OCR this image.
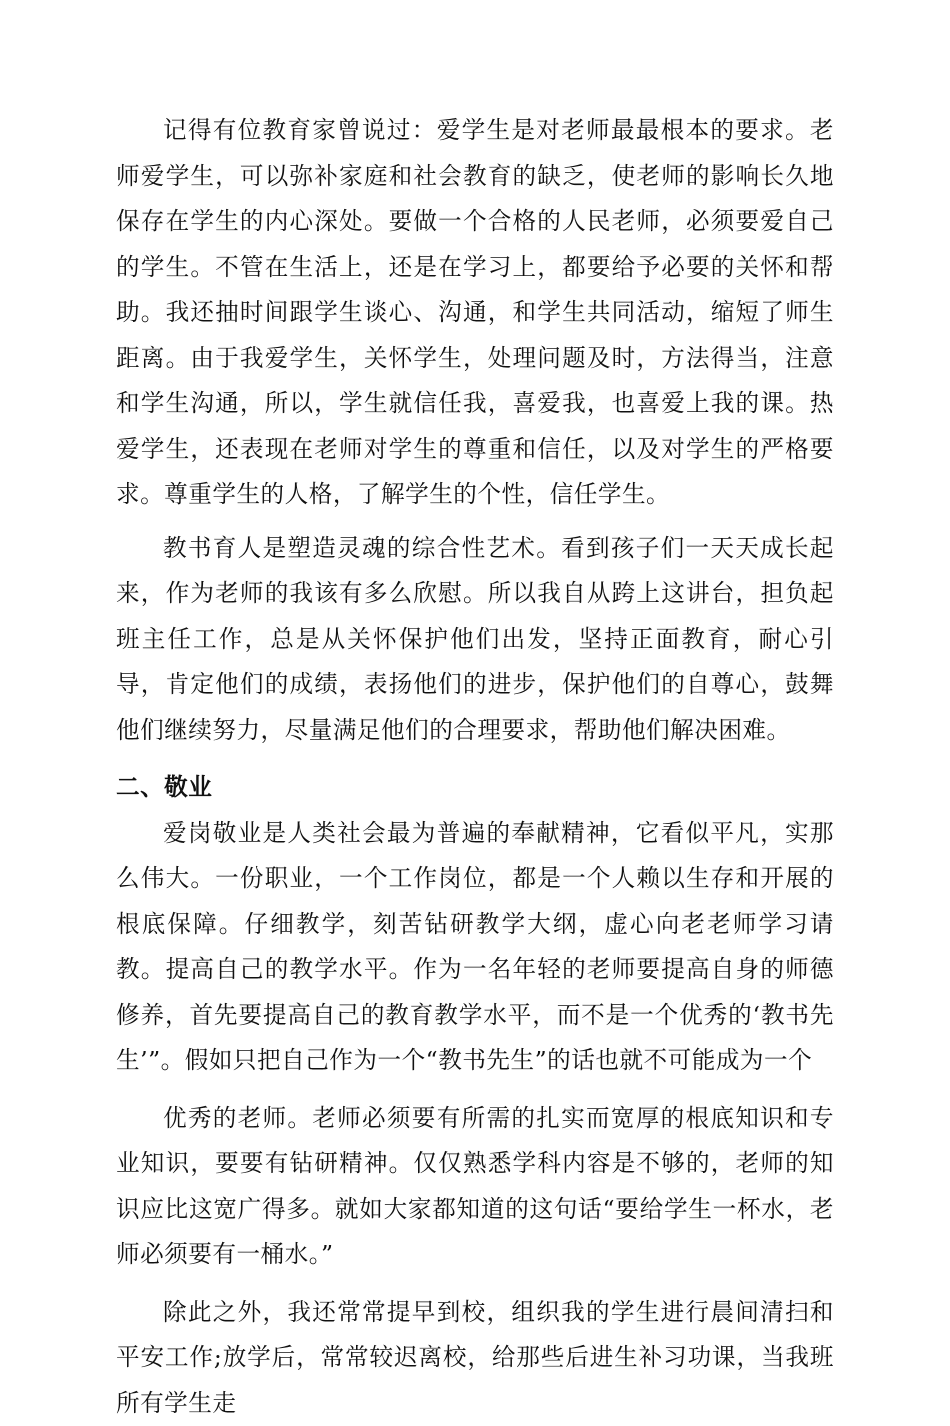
记得有位教育家曾说过：爱学生是对老师最最根本的要求。老师爱学生，可以弥补家庭和社会教育的缺乏，使老师的影响长久地保存在学生的内心深处。要做一个合格的人民老师，必须要爱自己的学生。不管在生活上，还是在学习上，都要给予必要的关怀和帮助。我还抽时间跟学生谈心、沟通，和学生共同活动，缩短了师生距离。由于我爱学生，关怀学生，处理问题及时，方法得当，注意和学生沟通，所以，学生就信任我，喜爱我，也喜爱上我的课。热爱学生，还表现在老师对学生的尊重和信任，以及对学生的严格要求。尊重学生的人格，了解学生的个性，信任学生。

教书育人是塑造灵魂的综合性艺术。看到孩子们一天天成长起来，作为老师的我该有多么欣慰。所以我自从跨上这讲台，担负起班主任工作，总是从关怀保护他们出发，坚持正面教育，耐心引导，肯定他们的成绩，表扬他们的进步，保护他们的自尊心，鼓舞他们继续努力，尽量满足他们的合理要求，帮助他们解决困难。

二、敬业

爱岗敬业是人类社会最为普遍的奉献精神，它看似平凡，实那么伟大。一份职业，一个工作岗位，都是一个人赖以生存和开展的根底保障。仔细教学，刻苦钻研教学大纲，虚心向老老师学习请教。提高自己的教学水平。作为一名年轻的老师要提高自身的师德修养，首先要提高自己的教育教学水平，而不是一个优秀的‘教书先生’”。假如只把自己作为一个“教书先生”的话也就不可能成为一个

优秀的老师。老师必须要有所需的扎实而宽厚的根底知识和专业知识，要要有钻研精神。仅仅熟悉学科内容是不够的，老师的知识应比这宽广得多。就如大家都知道的这句话“要给学生一杯水，老师必须要有一桶水。”

除此之外，我还常常提早到校，组织我的学生进行晨间清扫和平安工作;放学后，常常较迟离校，给那些后进生补习功课，当我班所有学生走
